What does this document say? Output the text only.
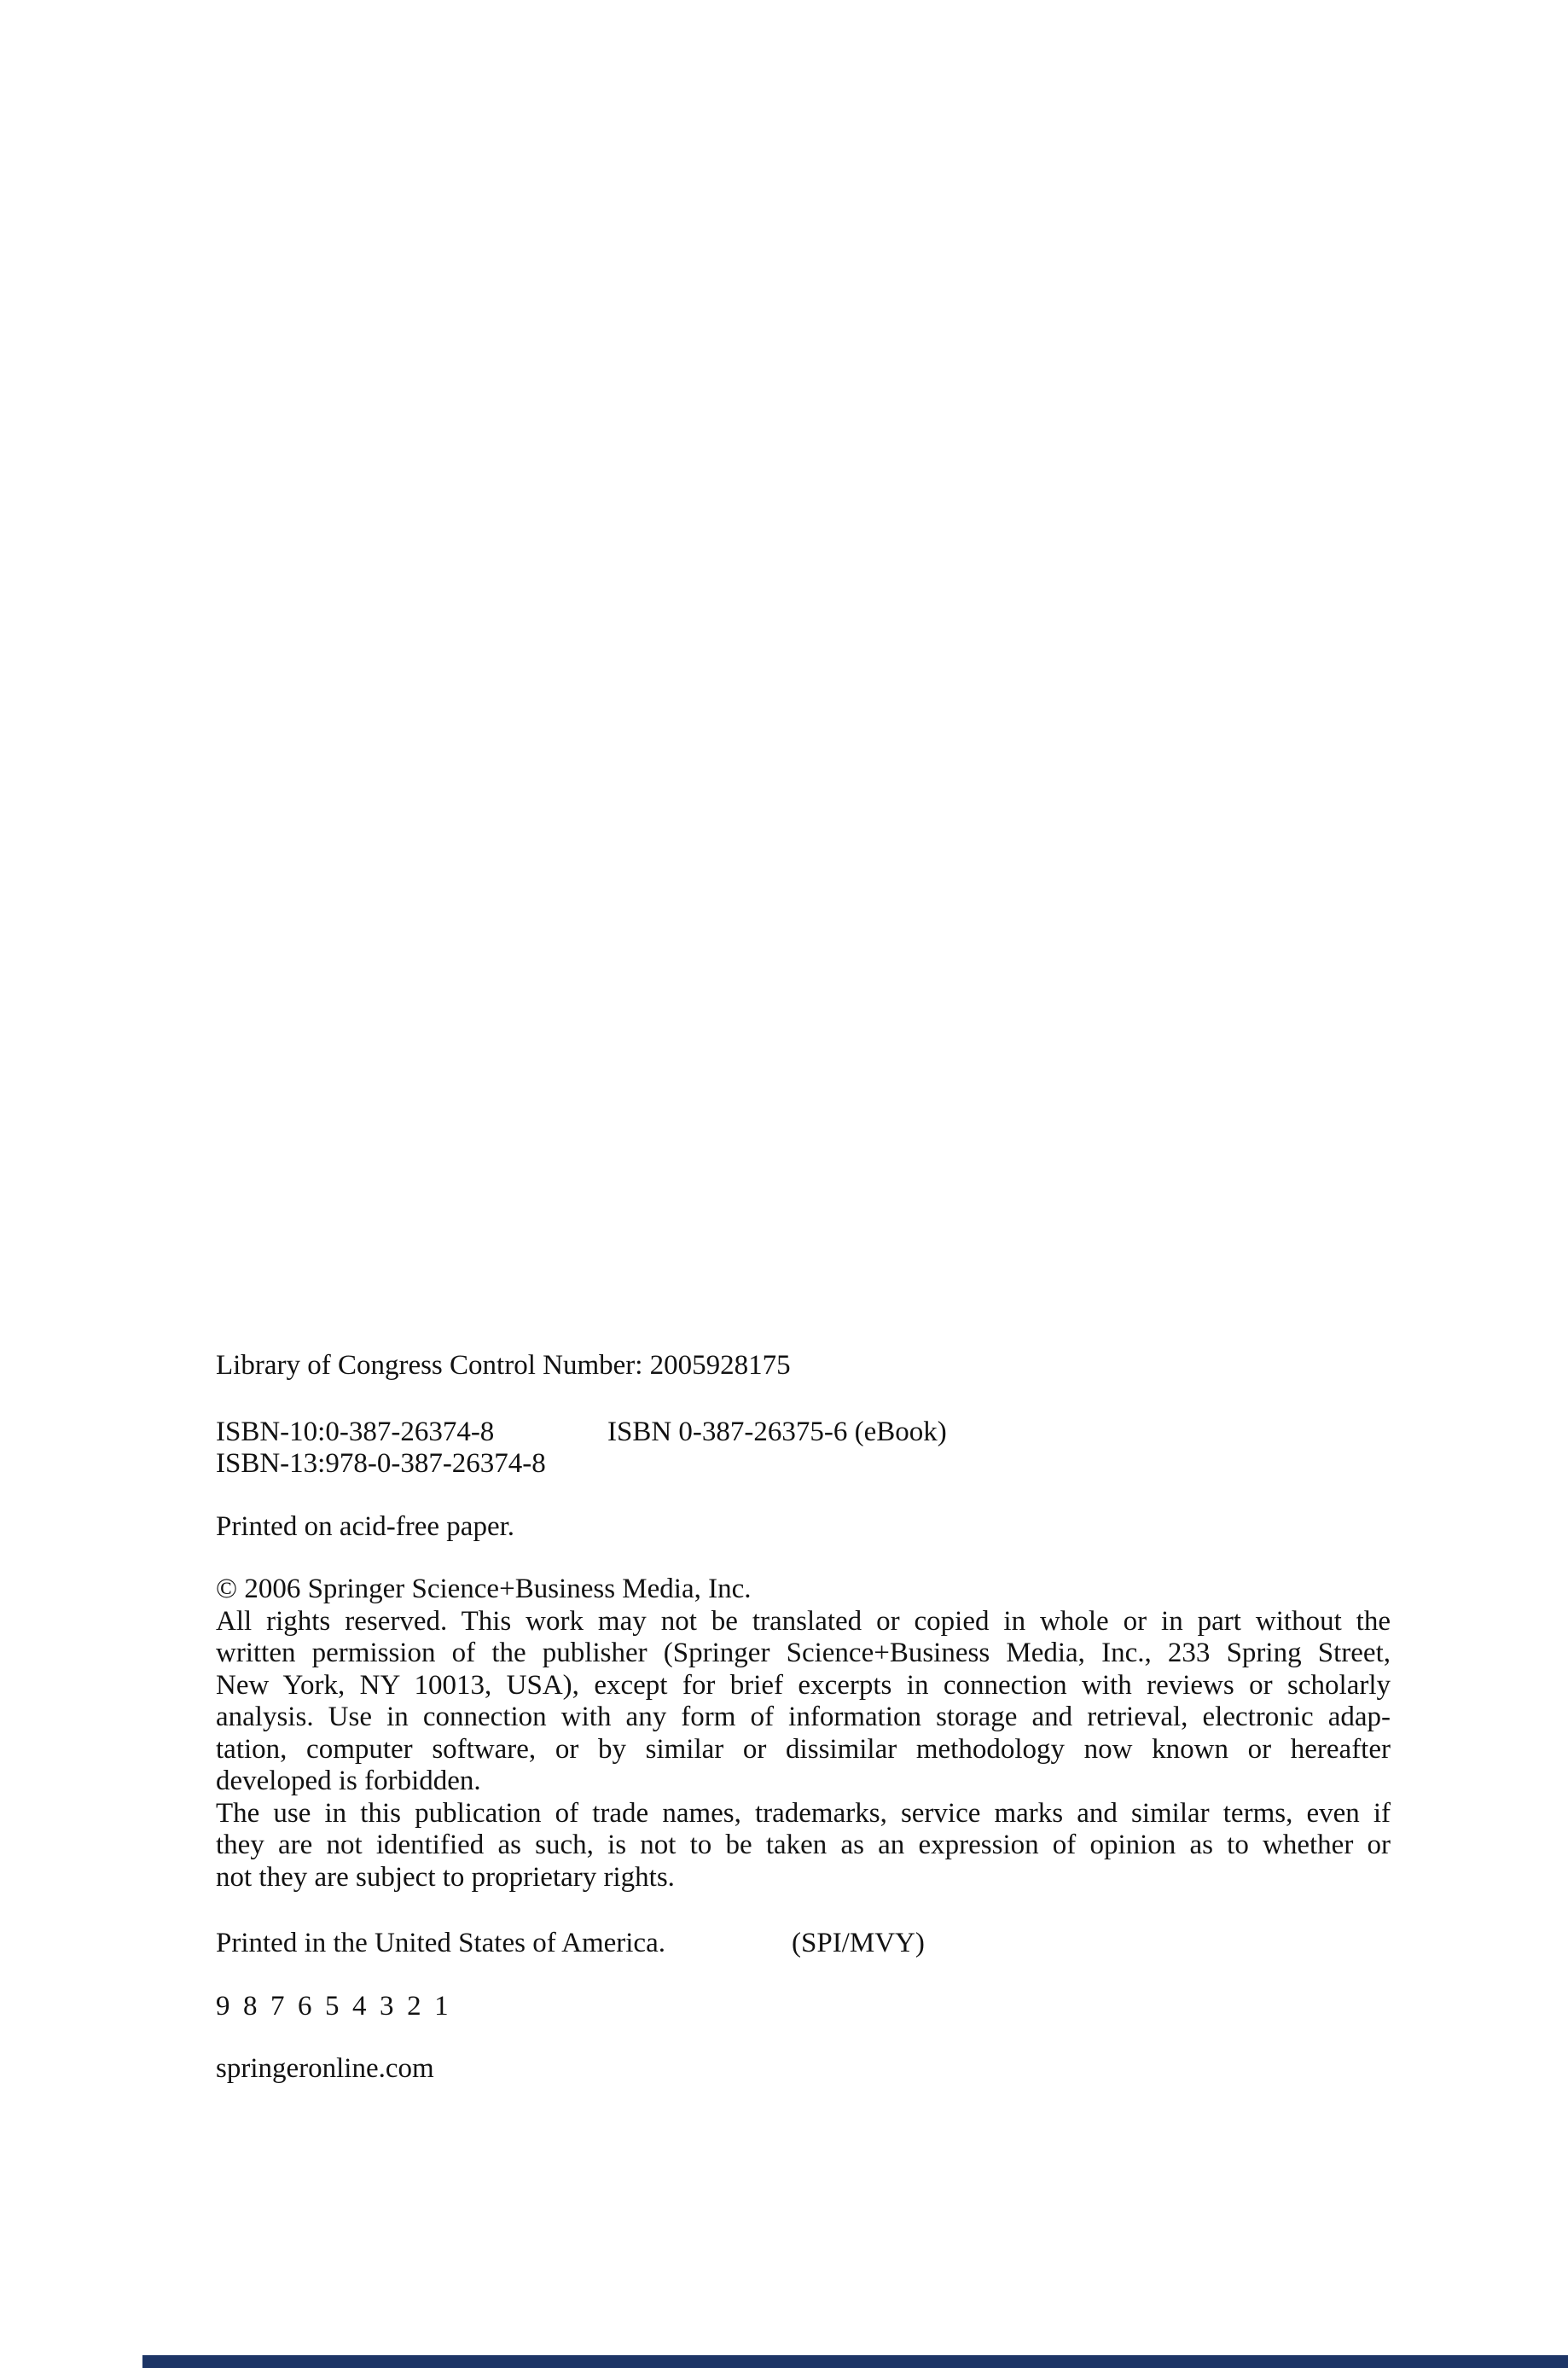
Library of Congress Control Number: 2005928175
ISBN-10:0-387-26374-8	ISBN 0-387-26375-6 (eBook)
ISBN-13:978-0-387-26374-8
Printed on acid-free paper.
© 2006 Springer Science+Business Media, Inc.
All rights reserved. This work may not be translated or copied in whole or in part without the
written permission of the publisher (Springer Science+Business Media, Inc., 233 Spring Street,
New York, NY 10013, USA), except for brief excerpts in connection with reviews or scholarly
analysis. Use in connection with any form of information storage and retrieval, electronic adap-
tation, computer software, or by similar or dissimilar methodology now known or hereafter
developed is forbidden.
The use in this publication of trade names, trademarks, service marks and similar terms, even if
they are not identified as such, is not to be taken as an expression of opinion as to whether or
not they are subject to proprietary rights.
Printed in the United States of America.	(SPI/MVY)
9 8 7 6 5 4 3 2 1
springeronline.com
